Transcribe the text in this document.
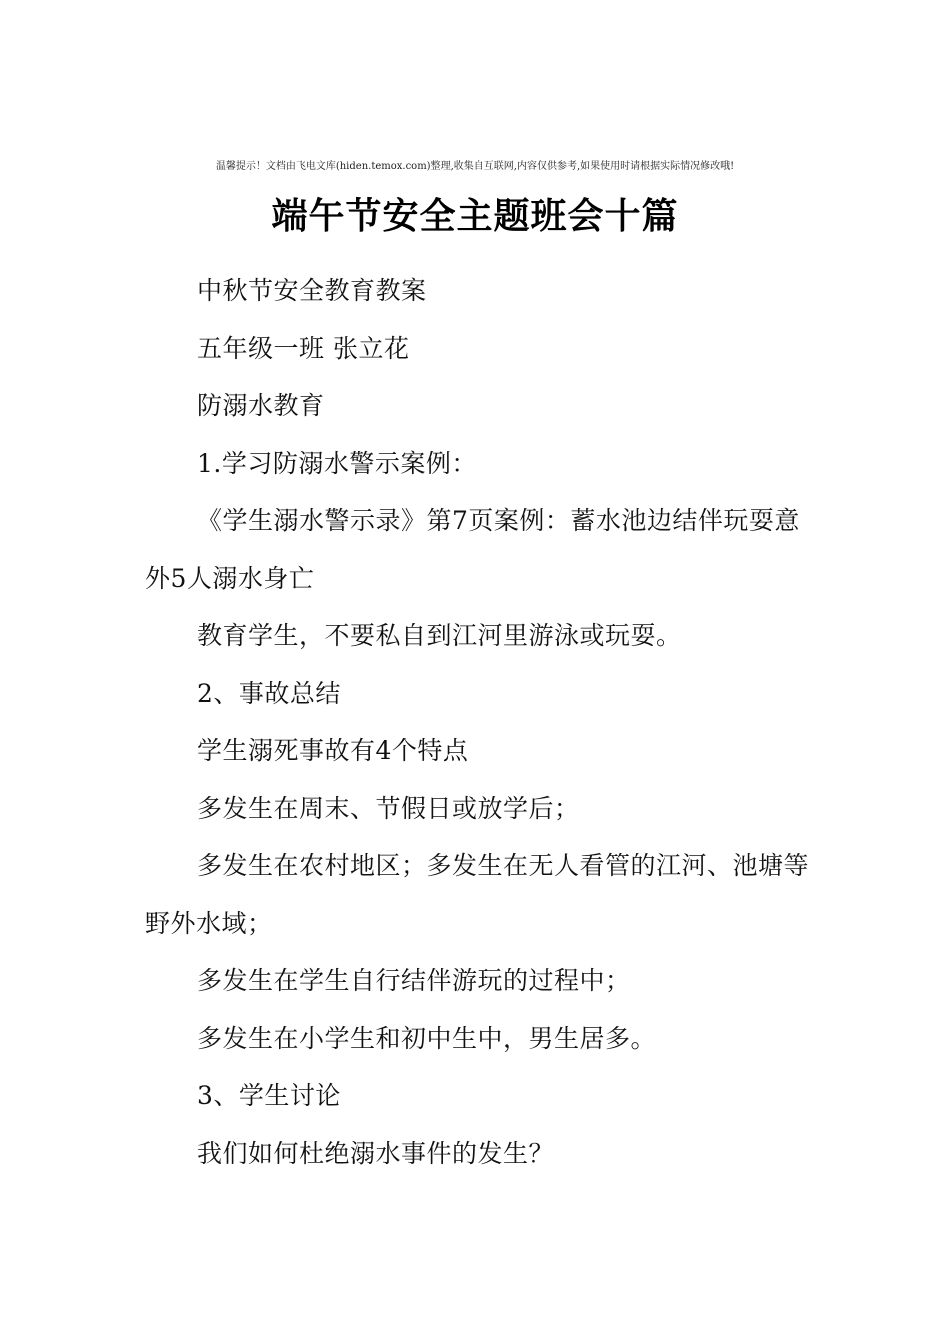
温馨提示！文档由飞电文库(hiden.temox.com)整理,收集自互联网,内容仅供参考,如果使用时请根据实际情况修改哦!
端午节安全主题班会十篇

中秋节安全教育教案

五年级一班 张立花

防溺水教育

1.学习防溺水警示案例：

《学生溺水警示录》第7页案例：蓄水池边结伴玩耍意外5人溺水身亡

教育学生，不要私自到江河里游泳或玩耍。

2、事故总结

学生溺死事故有4个特点

多发生在周末、节假日或放学后；

多发生在农村地区；多发生在无人看管的江河、池塘等野外水域；

多发生在学生自行结伴游玩的过程中；

多发生在小学生和初中生中，男生居多。

3、学生讨论

我们如何杜绝溺水事件的发生？
